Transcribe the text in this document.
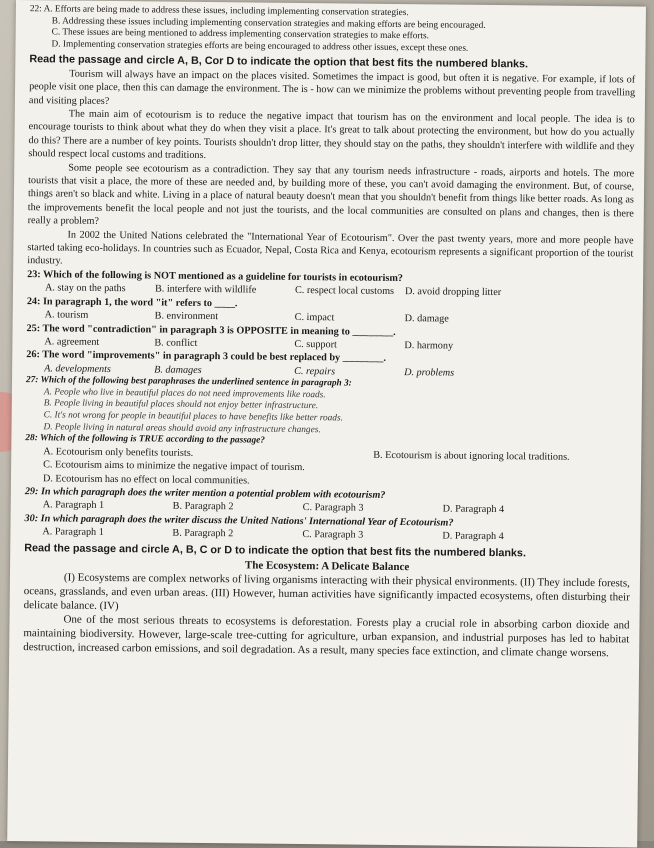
22: A. Efforts are being made to address these issues, including implementing conservation strategies.
B. Addressing these issues including implementing conservation strategies and making efforts are being encouraged.
C. These issues are being mentioned to address implementing conservation strategies to make efforts.
D. Implementing conservation strategies efforts are being encouraged to address other issues, except these ones.
Read the passage and circle A, B, Cor D to indicate the option that best fits the numbered blanks.

Tourism will always have an impact on the places visited. Sometimes the impact is good, but often it is negative. For example, if lots of people visit one place, then this can damage the environment. The is - how can we minimize the problems without preventing people from travelling and visiting places?

The main aim of ecotourism is to reduce the negative impact that tourism has on the environment and local people. The idea is to encourage tourists to think about what they do when they visit a place. It's great to talk about protecting the environment, but how do you actually do this? There are a number of key points. Tourists shouldn't drop litter, they should stay on the paths, they shouldn't interfere with wildlife and they should respect local customs and traditions.

Some people see ecotourism as a contradiction. They say that any tourism needs infrastructure - roads, airports and hotels. The more tourists that visit a place, the more of these are needed and, by building more of these, you can't avoid damaging the environment. But, of course, things aren't so black and white. Living in a place of natural beauty doesn't mean that you shouldn't benefit from things like better roads. As long as the improvements benefit the local people and not just the tourists, and the local communities are consulted on plans and changes, then is there really a problem?

In 2002 the United Nations celebrated the "International Year of Ecotourism". Over the past twenty years, more and more people have started taking eco-holidays. In countries such as Ecuador, Nepal, Costa Rica and Kenya, ecotourism represents a significant proportion of the tourist industry.

23: Which of the following is NOT mentioned as a guideline for tourists in ecotourism?
A. stay on the paths	B. interfere with wildlife	C. respect local customs	D. avoid dropping litter
24: In paragraph 1, the word "it" refers to ____.
A. tourism	B. environment	C. impact	D. damage
25: The word "contradiction" in paragraph 3 is OPPOSITE in meaning to ________.
A. agreement	B. conflict	C. support	D. harmony
26: The word "improvements" in paragraph 3 could be best replaced by ________.
A. developments	B. damages	C. repairs	D. problems
27: Which of the following best paraphrases the underlined sentence in paragraph 3:
A. People who live in beautiful places do not need improvements like roads.
B. People living in beautiful places should not enjoy better infrastructure.
C. It's not wrong for people in beautiful places to have benefits like better roads.
D. People living in natural areas should avoid any infrastructure changes.
28: Which of the following is TRUE according to the passage?
A. Ecotourism only benefits tourists.	B. Ecotourism is about ignoring local traditions.
C. Ecotourism aims to minimize the negative impact of tourism.
D. Ecotourism has no effect on local communities.
29: In which paragraph does the writer mention a potential problem with ecotourism?
A. Paragraph 1	B. Paragraph 2	C. Paragraph 3	D. Paragraph 4
30: In which paragraph does the writer discuss the United Nations' International Year of Ecotourism?
A. Paragraph 1	B. Paragraph 2	C. Paragraph 3	D. Paragraph 4
Read the passage and circle A, B, C or D to indicate the option that best fits the numbered blanks.
The Ecosystem: A Delicate Balance

(I) Ecosystems are complex networks of living organisms interacting with their physical environments. (II) They include forests, oceans, grasslands, and even urban areas. (III) However, human activities have significantly impacted ecosystems, often disturbing their delicate balance. (IV)

One of the most serious threats to ecosystems is deforestation. Forests play a crucial role in absorbing carbon dioxide and maintaining biodiversity. However, large-scale tree-cutting for agriculture, urban expansion, and industrial purposes has led to habitat destruction, increased carbon emissions, and soil degradation. As a result, many species face extinction, and climate change worsens.
